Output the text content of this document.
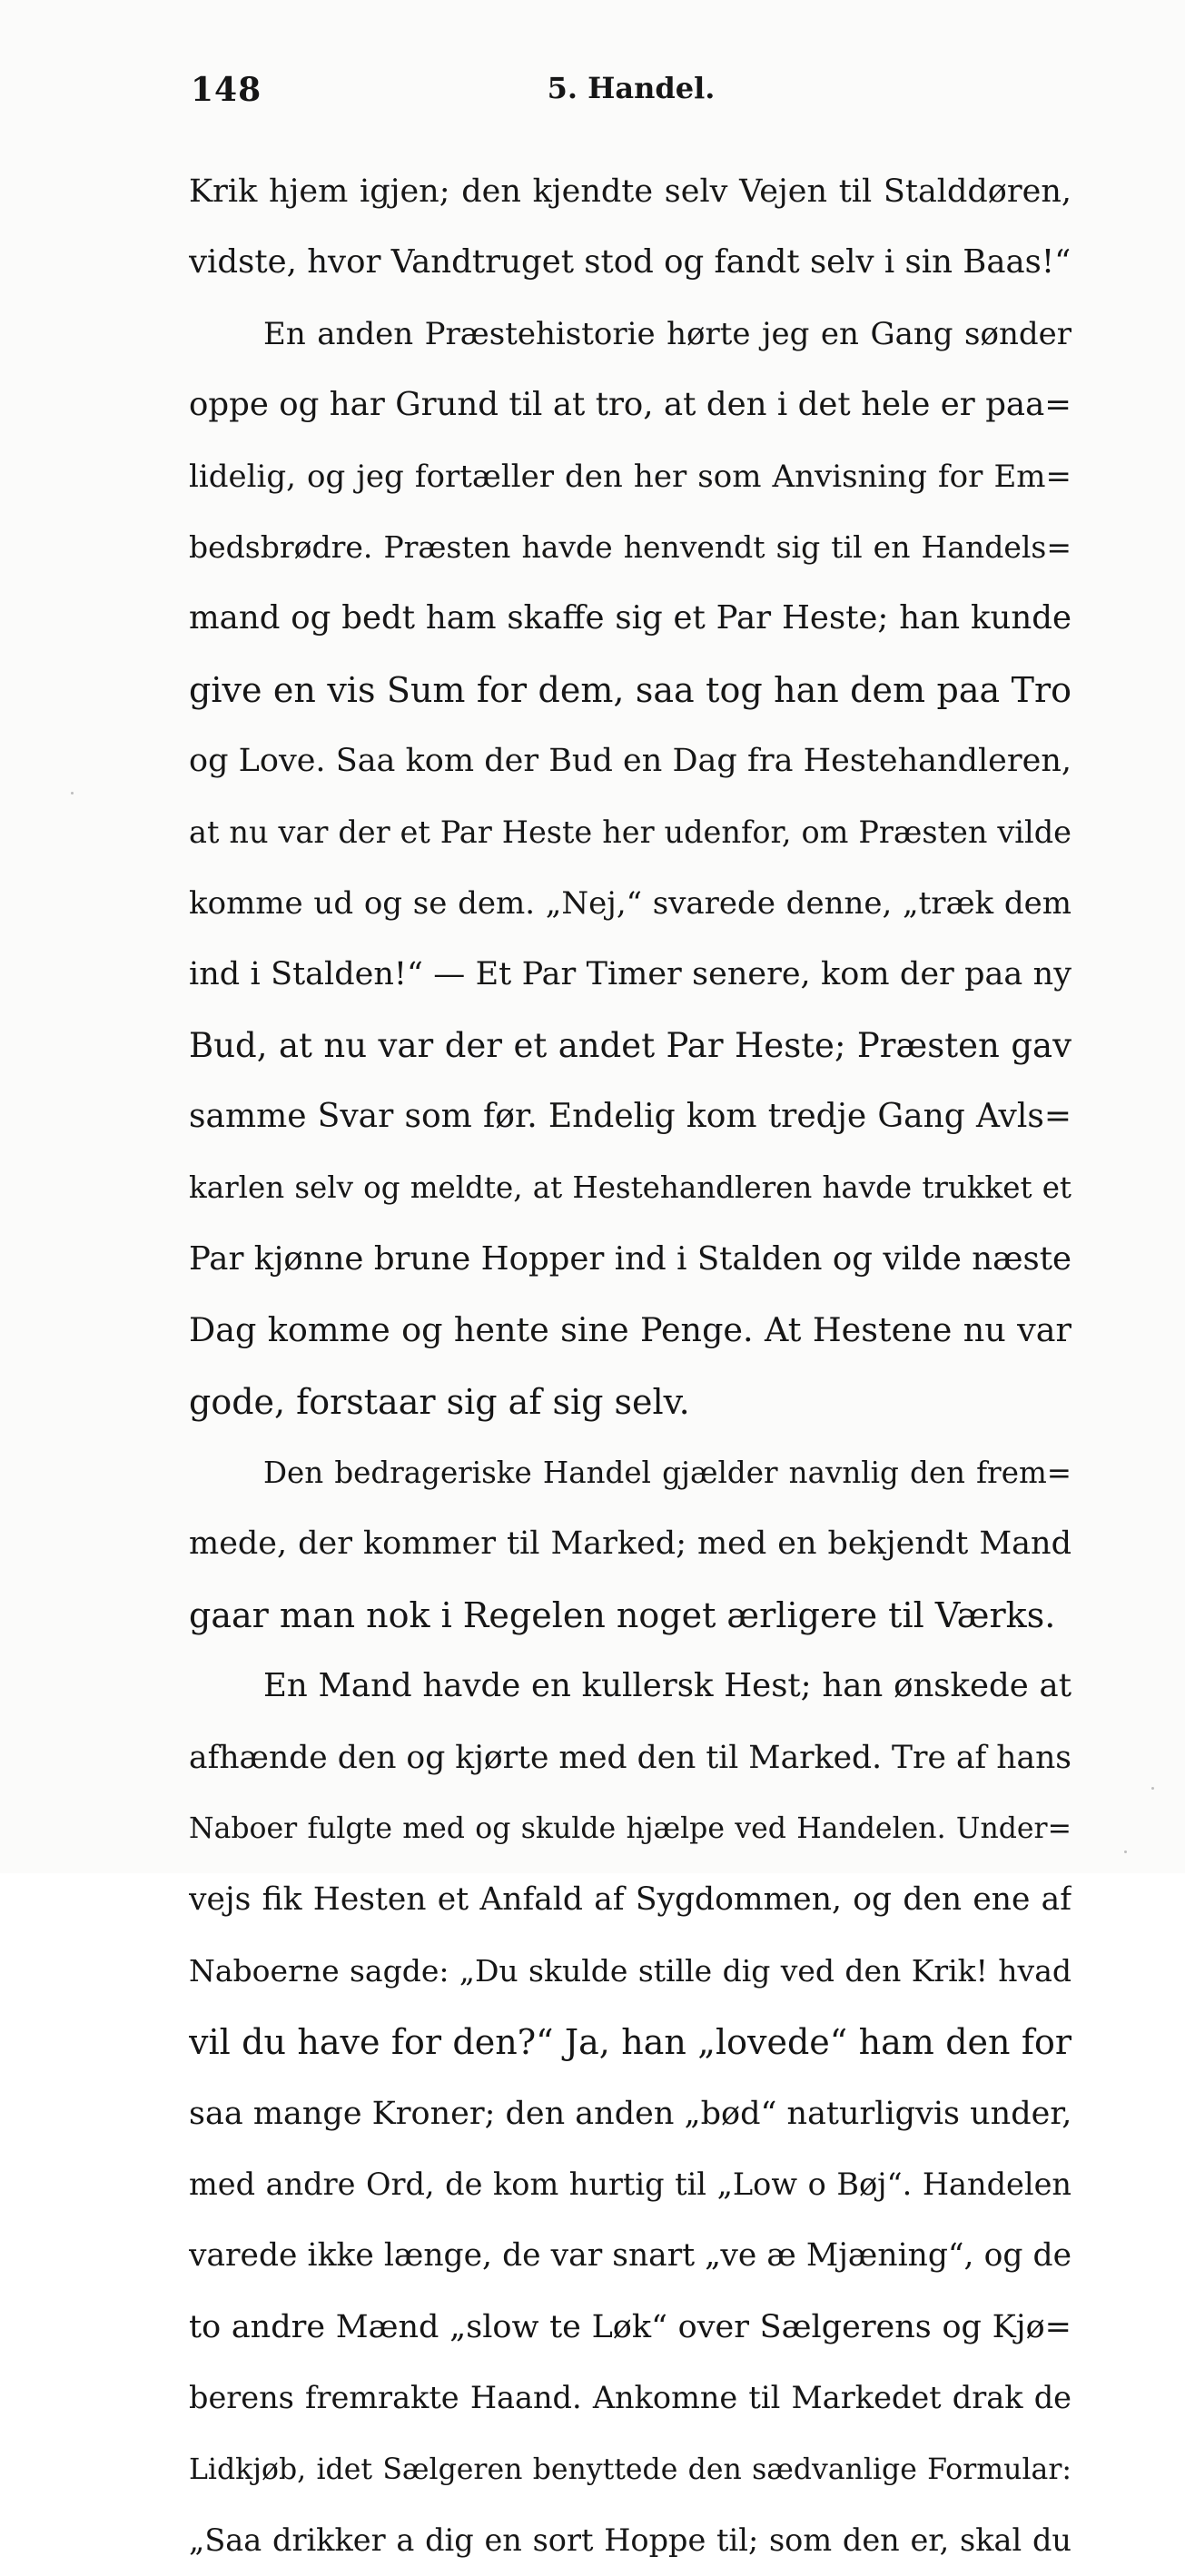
148	5. Handel.
Krik hjem igjen; den kjendte selv Vejen til Stalddøren,
vidste, hvor Vandtruget stod og fandt selv i sin Baas!“
En anden Præstehistorie hørte jeg en Gang sønder
oppe og har Grund til at tro, at den i det hele er paa=
lidelig, og jeg fortæller den her som Anvisning for Em=
bedsbrødre. Præsten havde henvendt sig til en Handels=
mand og bedt ham skaffe sig et Par Heste; han kunde
give en vis Sum for dem, saa tog han dem paa Tro
og Love. Saa kom der Bud en Dag fra Hestehandleren,
at nu var der et Par Heste her udenfor, om Præsten vilde
komme ud og se dem. „Nej,“ svarede denne, „træk dem
ind i Stalden!“ — Et Par Timer senere, kom der paa ny
Bud, at nu var der et andet Par Heste; Præsten gav
samme Svar som før. Endelig kom tredje Gang Avls=
karlen selv og meldte, at Hestehandleren havde trukket et
Par kjønne brune Hopper ind i Stalden og vilde næste
Dag komme og hente sine Penge. At Hestene nu var
gode, forstaar sig af sig selv.
Den bedrageriske Handel gjælder navnlig den frem=
mede, der kommer til Marked; med en bekjendt Mand
gaar man nok i Regelen noget ærligere til Værks.
En Mand havde en kullersk Hest; han ønskede at
afhænde den og kjørte med den til Marked. Tre af hans
Naboer fulgte med og skulde hjælpe ved Handelen. Under=
vejs fik Hesten et Anfald af Sygdommen, og den ene af
Naboerne sagde: „Du skulde stille dig ved den Krik! hvad
vil du have for den?“ Ja, han „lovede“ ham den for
saa mange Kroner; den anden „bød“ naturligvis under,
med andre Ord, de kom hurtig til „Low o Bøj“. Handelen
varede ikke længe, de var snart „ve æ Mjæning“, og de
to andre Mænd „slow te Løk“ over Sælgerens og Kjø=
berens fremrakte Haand. Ankomne til Markedet drak de
Lidkjøb, idet Sælgeren benyttede den sædvanlige Formular:
„Saa drikker a dig en sort Hoppe til; som den er, skal du
